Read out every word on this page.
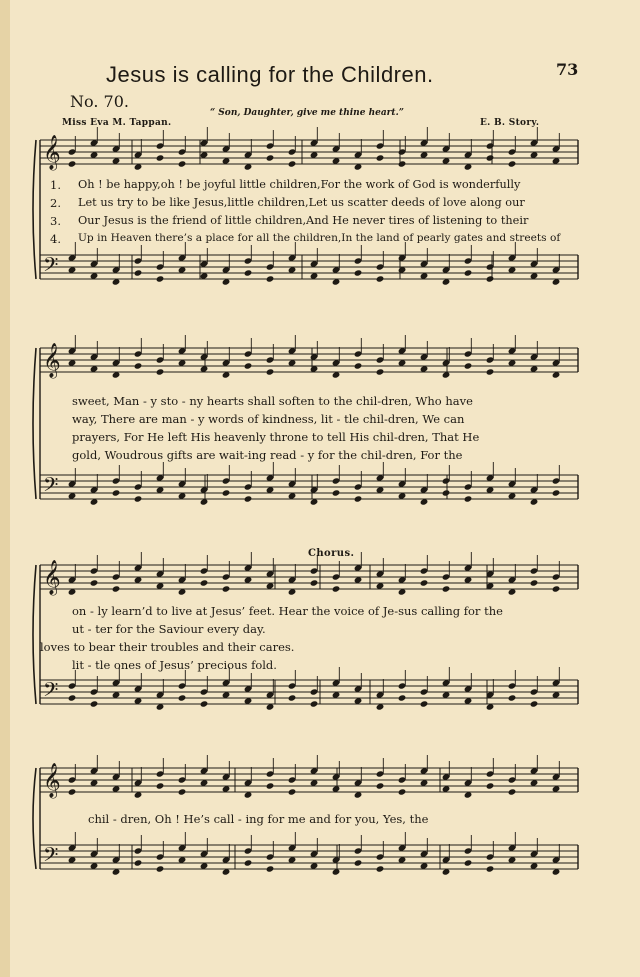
Jesus is calling for the Children.	73
No. 70.
Miss Eva M. Tappan.
“ Son, Daughter, give me thine heart.”
E. B. Story.
𝄞
𝄢
𝄞
𝄢
𝄞
𝄢
𝄞
𝄢
1.
2.
3.
4.
Oh ! be happy,oh ! be joyful little children,For the work of God is wonderfully
Let us try to be like Jesus,little children,Let us scatter deeds of love along our
Our Jesus is the friend of little children,And He never tires of listening to their
Up in Heaven there’s a place for all the children,In the land of pearly gates and streets of
sweet, Man - y sto - ny hearts shall soften to the chil-dren, Who have
way, There are man - y words of kindness, lit - tle chil-dren, We can
prayers, For He left His heavenly throne to tell His chil-dren, That He
gold, Woudrous gifts are wait-ing read - y for the chil-dren, For the
Chorus.
on - ly learn’d to live at Jesus’ feet. Hear the voice of Je-sus calling for the
ut - ter for the Saviour every day.
loves to bear their troubles and their cares.
lit - tle ones of Jesus’ precious fold.
chil - dren, Oh ! He’s call - ing for me and for you, Yes, the
